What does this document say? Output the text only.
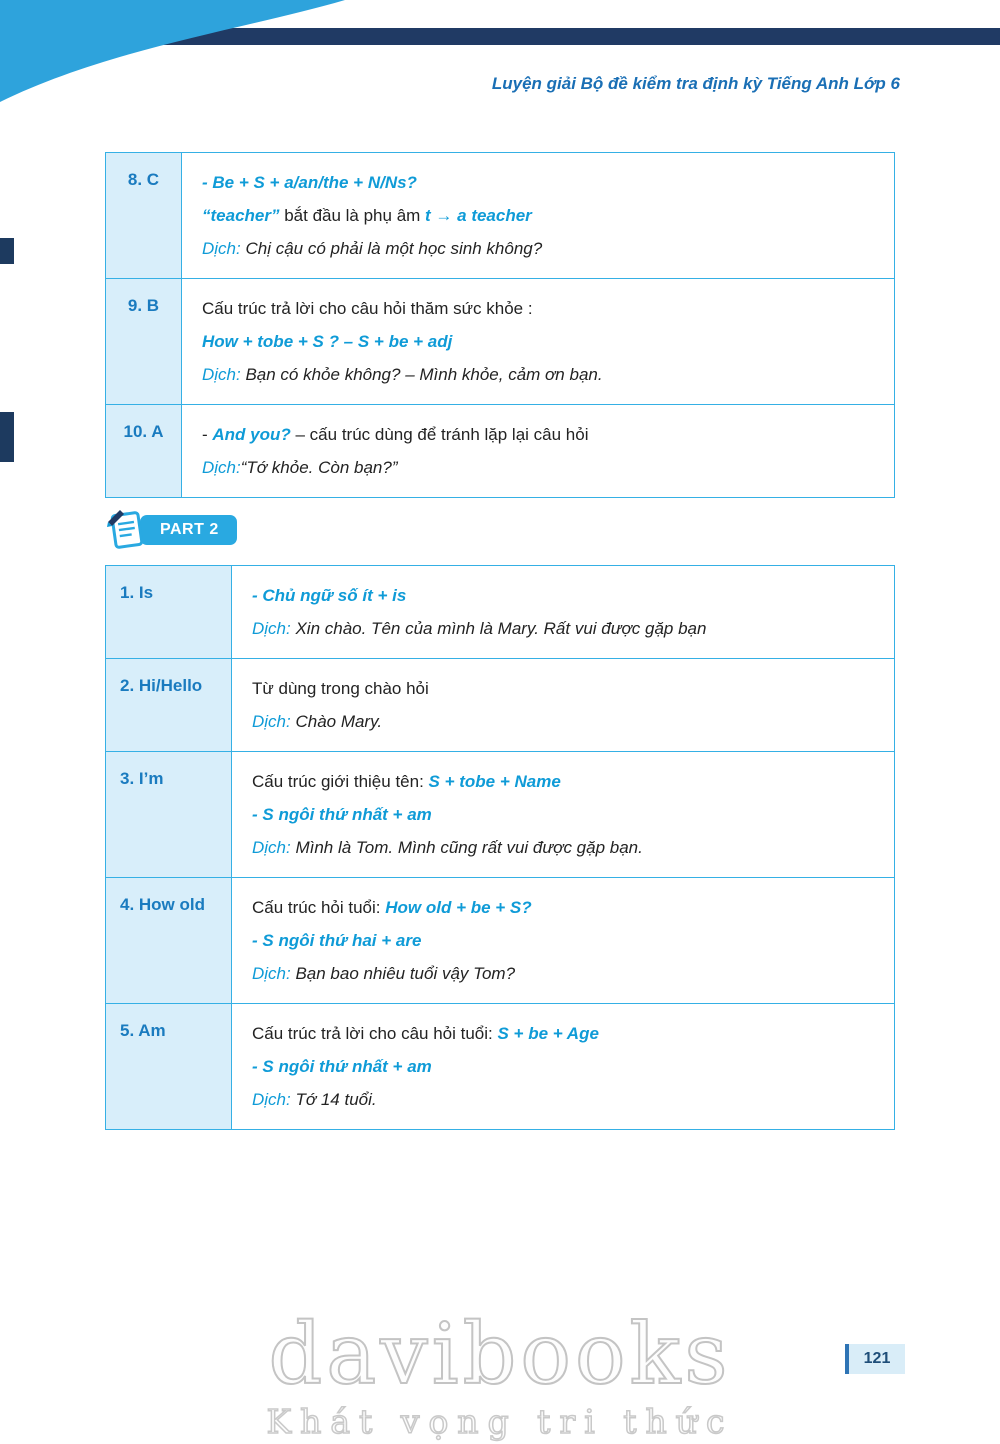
Luyện giải Bộ đề kiểm tra định kỳ Tiếng Anh Lớp 6
8. C	- Be + S + a/an/the + N/Ns?
“teacher” bắt đầu là phụ âm t → a teacher
Dịch: Chị cậu có phải là một học sinh không?
9. B	Cấu trúc trả lời cho câu hỏi thăm sức khỏe :
How + tobe + S ? – S + be + adj
Dịch: Bạn có khỏe không? – Mình khỏe, cảm ơn bạn.
10. A	- And you? – cấu trúc dùng để tránh lặp lại câu hỏi
Dịch:“Tớ khỏe. Còn bạn?”
PART 2
1. Is	- Chủ ngữ số ít + is
Dịch: Xin chào. Tên của mình là Mary. Rất vui được gặp bạn
2. Hi/Hello	Từ dùng trong chào hỏi
Dịch: Chào Mary.
3. I’m	Cấu trúc giới thiệu tên: S + tobe + Name
- S ngôi thứ nhất + am
Dịch: Mình là Tom. Mình cũng rất vui được gặp bạn.
4. How old	Cấu trúc hỏi tuổi: How old + be + S?
- S ngôi thứ hai + are
Dịch: Bạn bao nhiêu tuổi vậy Tom?
5. Am	Cấu trúc trả lời cho câu hỏi tuổi: S + be + Age
- S ngôi thứ nhất + am
Dịch: Tớ 14 tuổi.
davibooks
Khát vọng tri thức
121
